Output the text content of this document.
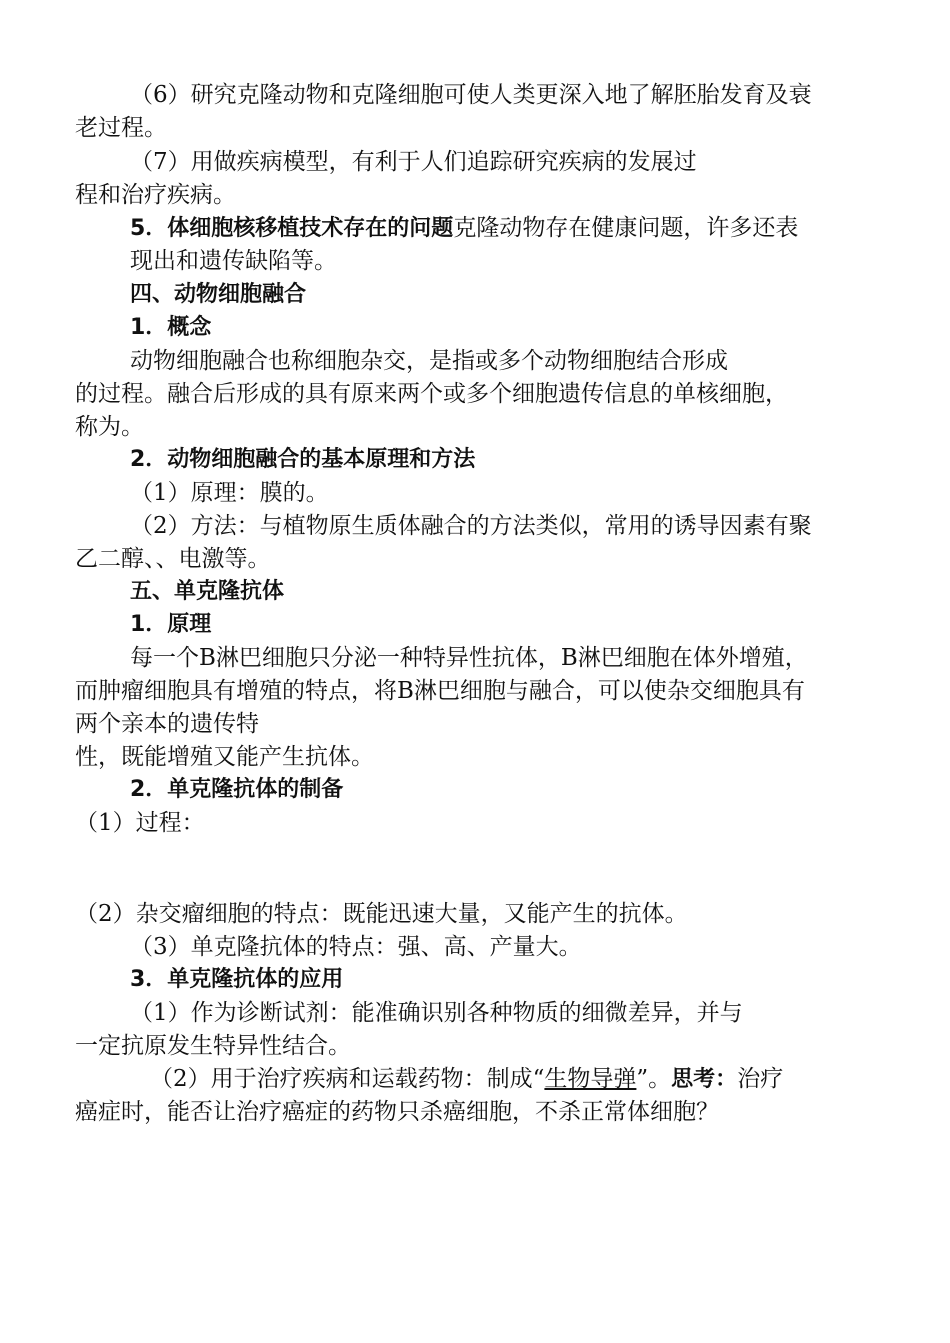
（6）研究克隆动物和克隆细胞可使人类更深入地了解胚胎发育及衰
老过程。
（7）用做疾病模型，有利于人们追踪研究疾病的发展过
程和治疗疾病。
5．体细胞核移植技术存在的问题克隆动物存在健康问题，许多还表
现出和遗传缺陷等。
四、动物细胞融合
1．概念
动物细胞融合也称细胞杂交，是指或多个动物细胞结合形成
的过程。融合后形成的具有原来两个或多个细胞遗传信息的单核细胞，
称为。
2．动物细胞融合的基本原理和方法
（1）原理：膜的。
（2）方法：与植物原生质体融合的方法类似，常用的诱导因素有聚
乙二醇、、电激等。
五、单克隆抗体
1．原理
每一个B淋巴细胞只分泌一种特异性抗体，B淋巴细胞在体外增殖，
而肿瘤细胞具有增殖的特点，将B淋巴细胞与融合，可以使杂交细胞具有
两个亲本的遗传特
性，既能增殖又能产生抗体。
2．单克隆抗体的制备
（1）过程：
（2）杂交瘤细胞的特点：既能迅速大量，又能产生的抗体。
（3）单克隆抗体的特点：强、高、产量大。
3．单克隆抗体的应用
（1）作为诊断试剂：能准确识别各种物质的细微差异，并与
一定抗原发生特异性结合。
（2）用于治疗疾病和运载药物：制成“生物导弹”。思考：治疗
癌症时，能否让治疗癌症的药物只杀癌细胞，不杀正常体细胞？
